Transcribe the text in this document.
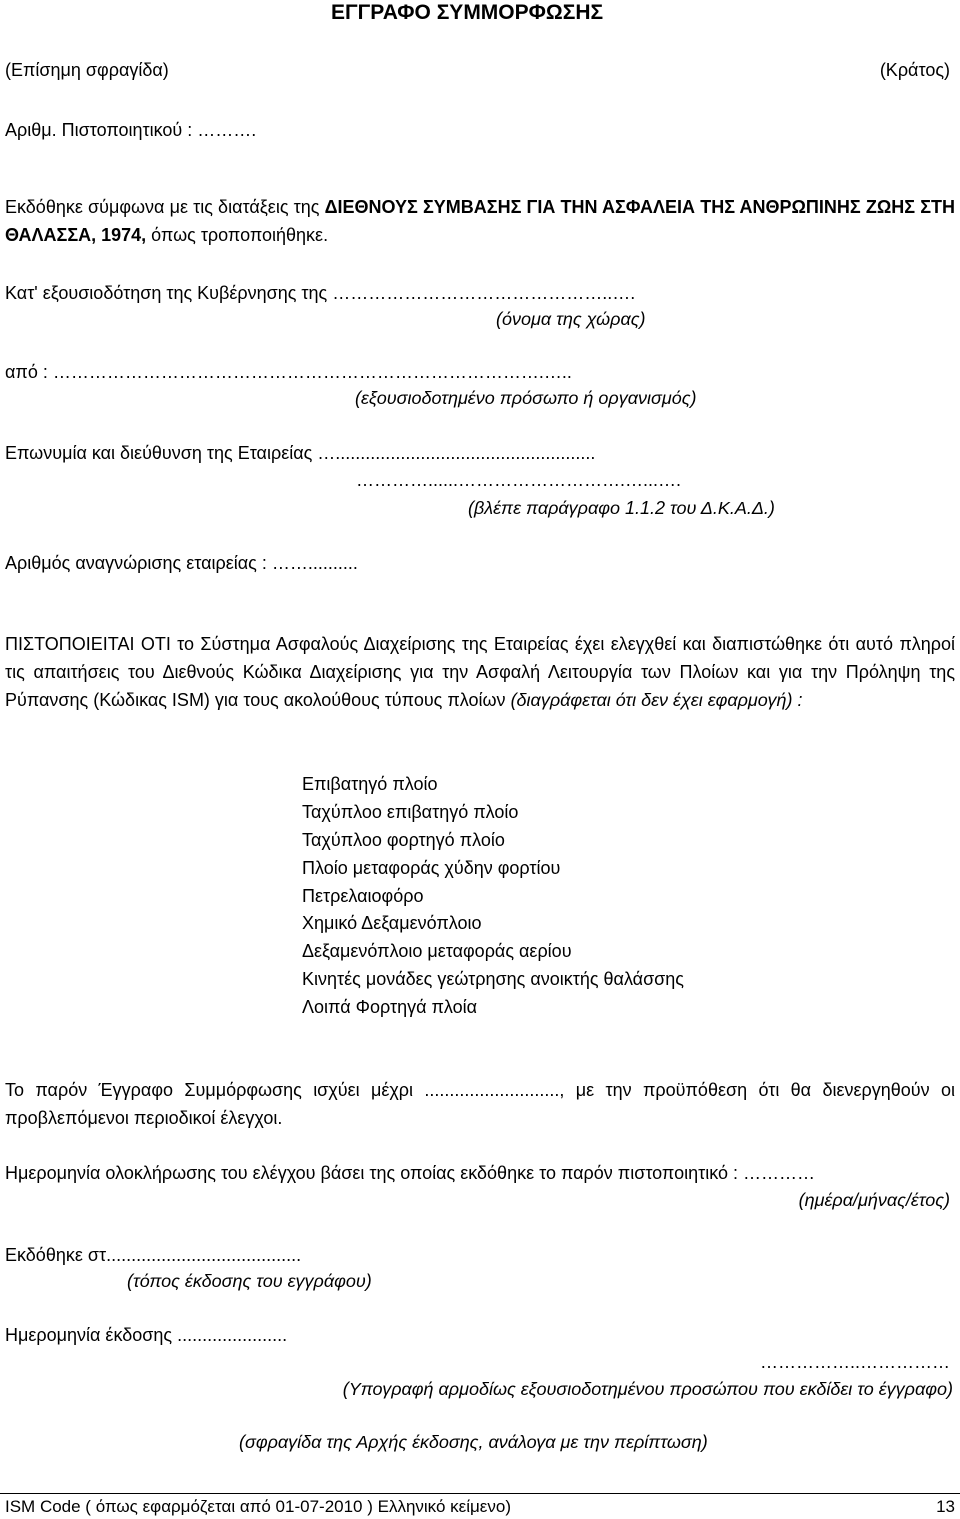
ΕΓΓΡΑΦΟ ΣΥΜΜΟΡΦΩΣΗΣ
(Επίσημη σφραγίδα)	(Κράτος)
Αριθμ. Πιστοποιητικού : ……….
Εκδόθηκε σύμφωνα με τις διατάξεις της ΔΙΕΘΝΟΥΣ ΣΥΜΒΑΣΗΣ ΓΙΑ ΤΗΝ ΑΣΦΑΛΕΙΑ ΤΗΣ ΑΝΘΡΩΠΙΝΗΣ ΖΩΗΣ ΣΤΗ ΘΑΛΑΣΣΑ, 1974, όπως τροποποιήθηκε.
Κατ' εξουσιοδότηση της Κυβέρνησης της ………………………………………..….
(όνομα της χώρας)
από : ……………………………………………………………………….…..
(εξουσιοδοτημένο πρόσωπο ή οργανισμός)
Επωνυμία και διεύθυνση της Εταιρείας …....................................................
…………......……………………….…...….
(βλέπε παράγραφο 1.1.2 του Δ.Κ.Α.Δ.)
Αριθμός αναγνώρισης εταιρείας : ……..........
ΠΙΣΤΟΠΟΙΕΙΤΑΙ ΟΤΙ το Σύστημα Ασφαλούς Διαχείρισης της Εταιρείας έχει ελεγχθεί και διαπιστώθηκε ότι αυτό πληροί τις απαιτήσεις του Διεθνούς Κώδικα Διαχείρισης για την Ασφαλή Λειτουργία των Πλοίων και για την Πρόληψη της Ρύπανσης (Κώδικας ISM) για τους ακολούθους τύπους πλοίων (διαγράφεται ότι δεν έχει εφαρμογή) :
Επιβατηγό πλοίο
Ταχύπλοο επιβατηγό πλοίο
Ταχύπλοο φορτηγό πλοίο
Πλοίο μεταφοράς χύδην φορτίου
Πετρελαιοφόρο
Χημικό Δεξαμενόπλοιο
Δεξαμενόπλοιο μεταφοράς αερίου
Κινητές μονάδες γεώτρησης ανοικτής θαλάσσης
Λοιπά Φορτηγά πλοία
Το παρόν Έγγραφο Συμμόρφωσης ισχύει μέχρι ..........................., με την προϋπόθεση ότι θα διενεργηθούν οι προβλεπόμενοι περιοδικοί έλεγχοι.
Ημερομηνία ολοκλήρωσης του ελέγχου βάσει της οποίας εκδόθηκε το παρόν πιστοποιητικό : …………
(ημέρα/μήνας/έτος)
Εκδόθηκε στ.......................................
(τόπος έκδοσης του εγγράφου)
Ημερομηνία έκδοσης ......................
……………..……………
(Υπογραφή αρμοδίως εξουσιοδοτημένου προσώπου που εκδίδει το έγγραφο)
(σφραγίδα της Αρχής έκδοσης, ανάλογα με την περίπτωση)
ISM Code ( όπως εφαρμόζεται από 01-07-2010 ) Ελληνικό κείμενο)	13
